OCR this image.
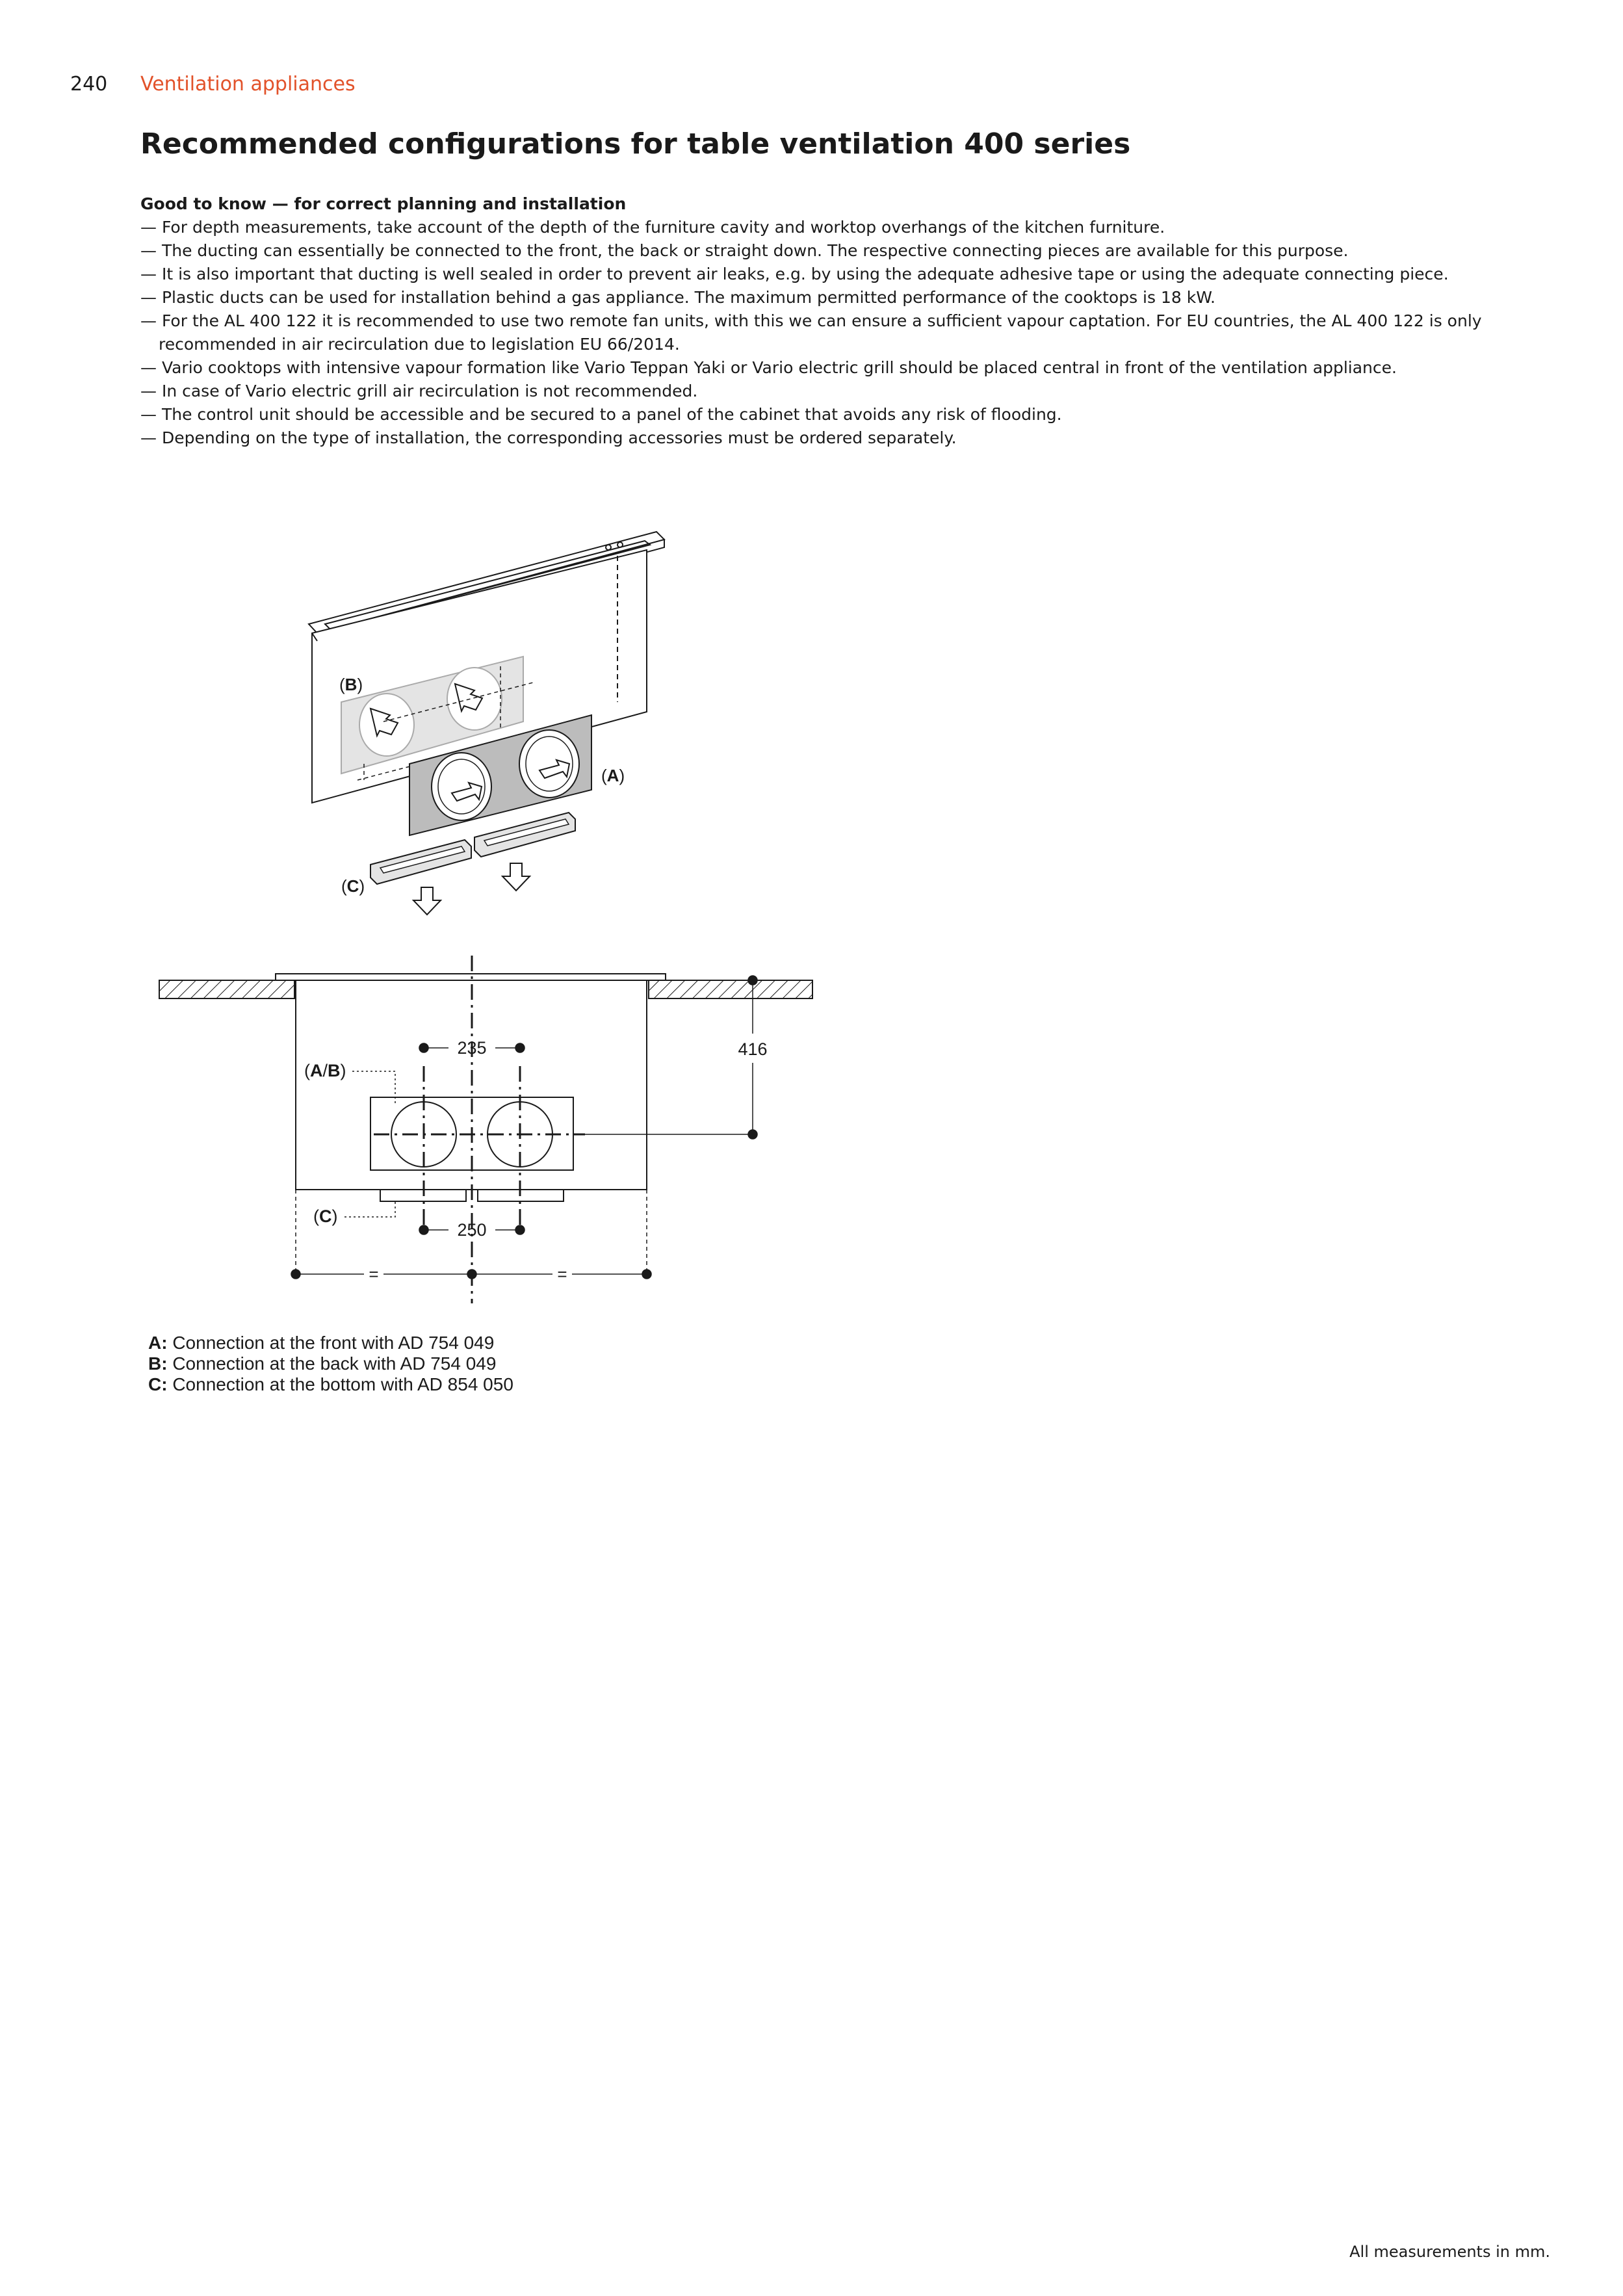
240 Ventilation appliances
Recommended configurations for table ventilation 400 series
Good to know — for correct planning and installation
— For depth measurements, take account of the depth of the furniture cavity and worktop overhangs of the kitchen furniture.
— The ducting can essentially be connected to the front, the back or straight down. The respective connecting pieces are available for this purpose.
— It is also important that ducting is well sealed in order to prevent air leaks, e.g. by using the adequate adhesive tape or using the adequate connecting piece.
— Plastic ducts can be used for installation behind a gas appliance. The maximum permitted performance of the cooktops is 18 kW.
— For the AL 400 122 it is recommended to use two remote fan units, with this we can ensure a sufficient vapour captation. For EU countries, the AL 400 122 is only recommended in air recirculation due to legislation EU 66/2014.
— Vario cooktops with intensive vapour formation like Vario Teppan Yaki or Vario electric grill should be placed central in front of the ventilation appliance.
— In case of Vario electric grill air recirculation is not recommended.
— The control unit should be accessible and be secured to a panel of the cabinet that avoids any risk of flooding.
— Depending on the type of installation, the corresponding accessories must be ordered separately.
(B)
(A)
(C)
235
250
416
=	=
(A/B)
(C)
A: Connection at the front with AD 754 049
B: Connection at the back with AD 754 049
C: Connection at the bottom with AD 854 050
All measurements in mm.
